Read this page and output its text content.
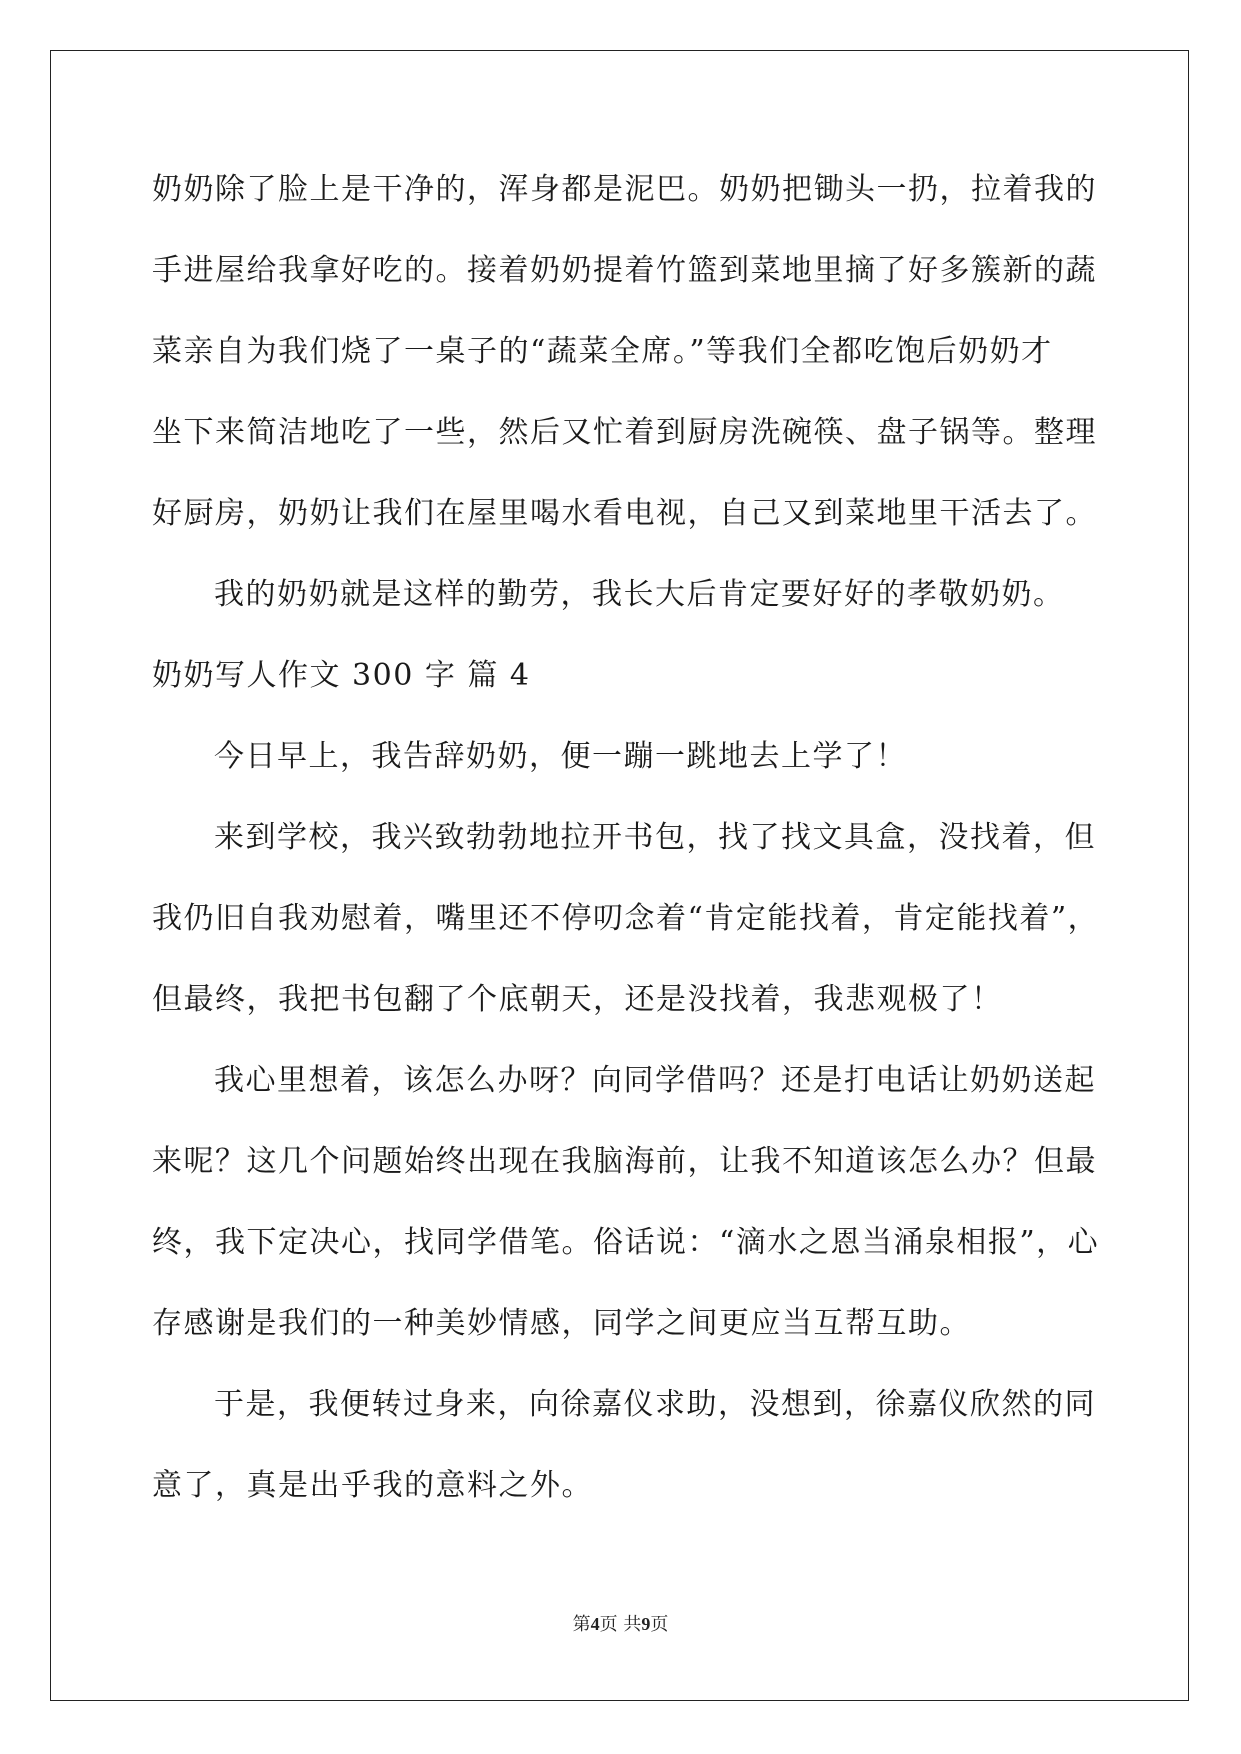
奶奶除了脸上是干净的，浑身都是泥巴。奶奶把锄头一扔，拉着我的
手进屋给我拿好吃的。接着奶奶提着竹篮到菜地里摘了好多簇新的蔬
菜亲自为我们烧了一桌子的“蔬菜全席。”等我们全都吃饱后奶奶才
坐下来简洁地吃了一些，然后又忙着到厨房洗碗筷、盘子锅等。整理
好厨房，奶奶让我们在屋里喝水看电视，自己又到菜地里干活去了。
我的奶奶就是这样的勤劳，我长大后肯定要好好的孝敬奶奶。
奶奶写人作文 300 字 篇 4
今日早上，我告辞奶奶，便一蹦一跳地去上学了！
来到学校，我兴致勃勃地拉开书包，找了找文具盒，没找着，但
我仍旧自我劝慰着，嘴里还不停叨念着“肯定能找着，肯定能找着”，
但最终，我把书包翻了个底朝天，还是没找着，我悲观极了！
我心里想着，该怎么办呀？向同学借吗？还是打电话让奶奶送起
来呢？这几个问题始终出现在我脑海前，让我不知道该怎么办？但最
终，我下定决心，找同学借笔。俗话说：“滴水之恩当涌泉相报”，心
存感谢是我们的一种美妙情感，同学之间更应当互帮互助。
于是，我便转过身来，向徐嘉仪求助，没想到，徐嘉仪欣然的同
意了，真是出乎我的意料之外。
第4页 共9页
